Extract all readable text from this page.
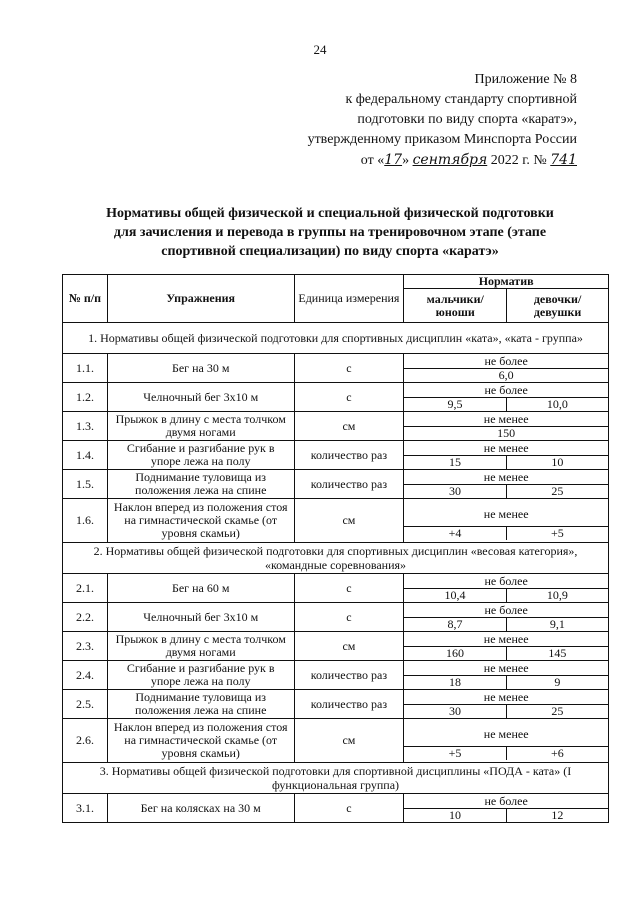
24
Приложение № 8
к федеральному стандарту спортивной
подготовки по виду спорта «каратэ»,
утвержденному приказом Минспорта России
от «17» сентября 2022 г. № 741
Нормативы общей физической и специальной физической подготовки
для зачисления и перевода в группы на тренировочном этапе (этапе
спортивной специализации) по виду спорта «каратэ»
№ п/п	Упражнения	Единица измерения	Норматив	
			мальчики/ юноши	девочки/ девушки
1. Нормативы общей физической подготовки для спортивных дисциплин «ката», «ката - группа»				
1.1.	Бег на 30 м	с	не более
6,0	

1.2.	Челночный бег 3x10 м	с	не более
9,5 10,0	

1.3.	Прыжок в длину с места толчком двумя ногами	см	не менее
150	

1.4.	Сгибание и разгибание рук в упоре лежа на полу	количество раз	не менее
15 10	

1.5.	Поднимание туловища из положения лежа на спине	количество раз	не менее
30 25	

1.6.	Наклон вперед из положения стоя на гимнастической скамье (от уровня скамьи)	см	не менее
+4 +5	

2. Нормативы общей физической подготовки для спортивных дисциплин «весовая категория», «командные соревнования»				
2.1.	Бег на 60 м	с	не более
10,4 10,9	

2.2.	Челночный бег 3x10 м	с	не более
8,7 9,1	

2.3.	Прыжок в длину с места толчком двумя ногами	см	не менее
160 145	

2.4.	Сгибание и разгибание рук в упоре лежа на полу	количество раз	не менее
18 9	

2.5.	Поднимание туловища из положения лежа на спине	количество раз	не менее
30 25	

2.6.	Наклон вперед из положения стоя на гимнастической скамье (от уровня скамьи)	см	не менее
+5 +6	

3. Нормативы общей физической подготовки для спортивной дисциплины «ПОДА - ката» (I функциональная группа)				
3.1.	Бег на колясках на 30 м	с	не более
10 12	
